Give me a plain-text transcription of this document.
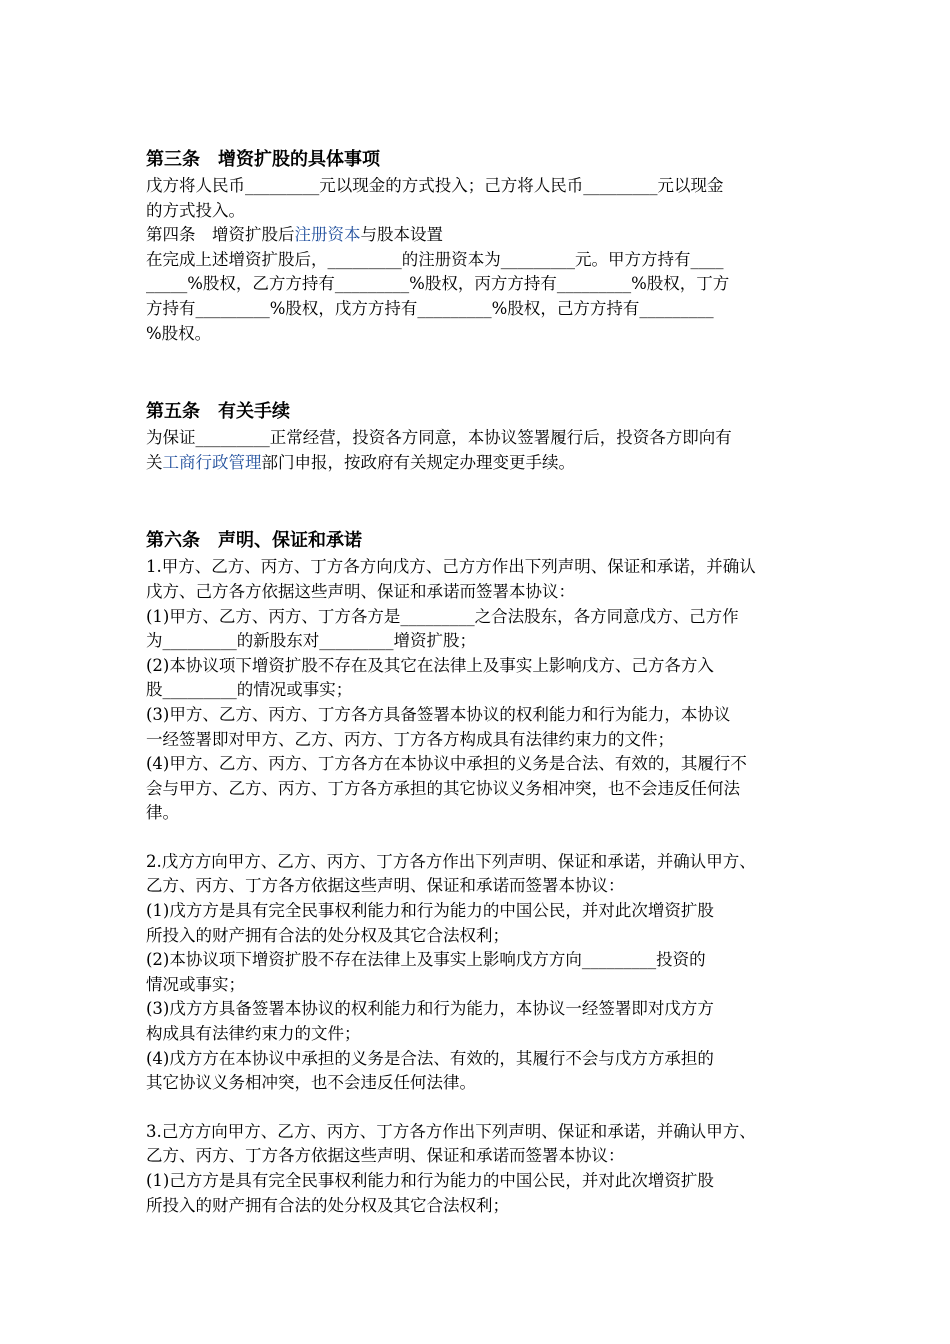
第三条　增资扩股的具体事项
戊方将人民币_________元以现金的方式投入；己方将人民币_________元以现金
的方式投入。
第四条　增资扩股后注册资本与股本设置
在完成上述增资扩股后，_________的注册资本为_________元。甲方方持有____
_____%股权，乙方方持有_________%股权，丙方方持有_________%股权，丁方
方持有_________%股权，戊方方持有_________%股权，己方方持有_________
%股权。
第五条　有关手续
为保证_________正常经营，投资各方同意，本协议签署履行后，投资各方即向有
关工商行政管理部门申报，按政府有关规定办理变更手续。
第六条　声明、保证和承诺
1.甲方、乙方、丙方、丁方各方向戊方、己方方作出下列声明、保证和承诺，并确认
戊方、己方各方依据这些声明、保证和承诺而签署本协议：
(1)甲方、乙方、丙方、丁方各方是_________之合法股东，各方同意戊方、己方作
为_________的新股东对_________增资扩股；
(2)本协议项下增资扩股不存在及其它在法律上及事实上影响戊方、己方各方入
股_________的情况或事实；
(3)甲方、乙方、丙方、丁方各方具备签署本协议的权利能力和行为能力，本协议
一经签署即对甲方、乙方、丙方、丁方各方构成具有法律约束力的文件；
(4)甲方、乙方、丙方、丁方各方在本协议中承担的义务是合法、有效的，其履行不
会与甲方、乙方、丙方、丁方各方承担的其它协议义务相冲突，也不会违反任何法
律。
2.戊方方向甲方、乙方、丙方、丁方各方作出下列声明、保证和承诺，并确认甲方、
乙方、丙方、丁方各方依据这些声明、保证和承诺而签署本协议：
(1)戊方方是具有完全民事权利能力和行为能力的中国公民，并对此次增资扩股
所投入的财产拥有合法的处分权及其它合法权利；
(2)本协议项下增资扩股不存在法律上及事实上影响戊方方向_________投资的
情况或事实；
(3)戊方方具备签署本协议的权利能力和行为能力，本协议一经签署即对戊方方
构成具有法律约束力的文件；
(4)戊方方在本协议中承担的义务是合法、有效的，其履行不会与戊方方承担的
其它协议义务相冲突，也不会违反任何法律。
3.己方方向甲方、乙方、丙方、丁方各方作出下列声明、保证和承诺，并确认甲方、
乙方、丙方、丁方各方依据这些声明、保证和承诺而签署本协议：
(1)己方方是具有完全民事权利能力和行为能力的中国公民，并对此次增资扩股
所投入的财产拥有合法的处分权及其它合法权利；
